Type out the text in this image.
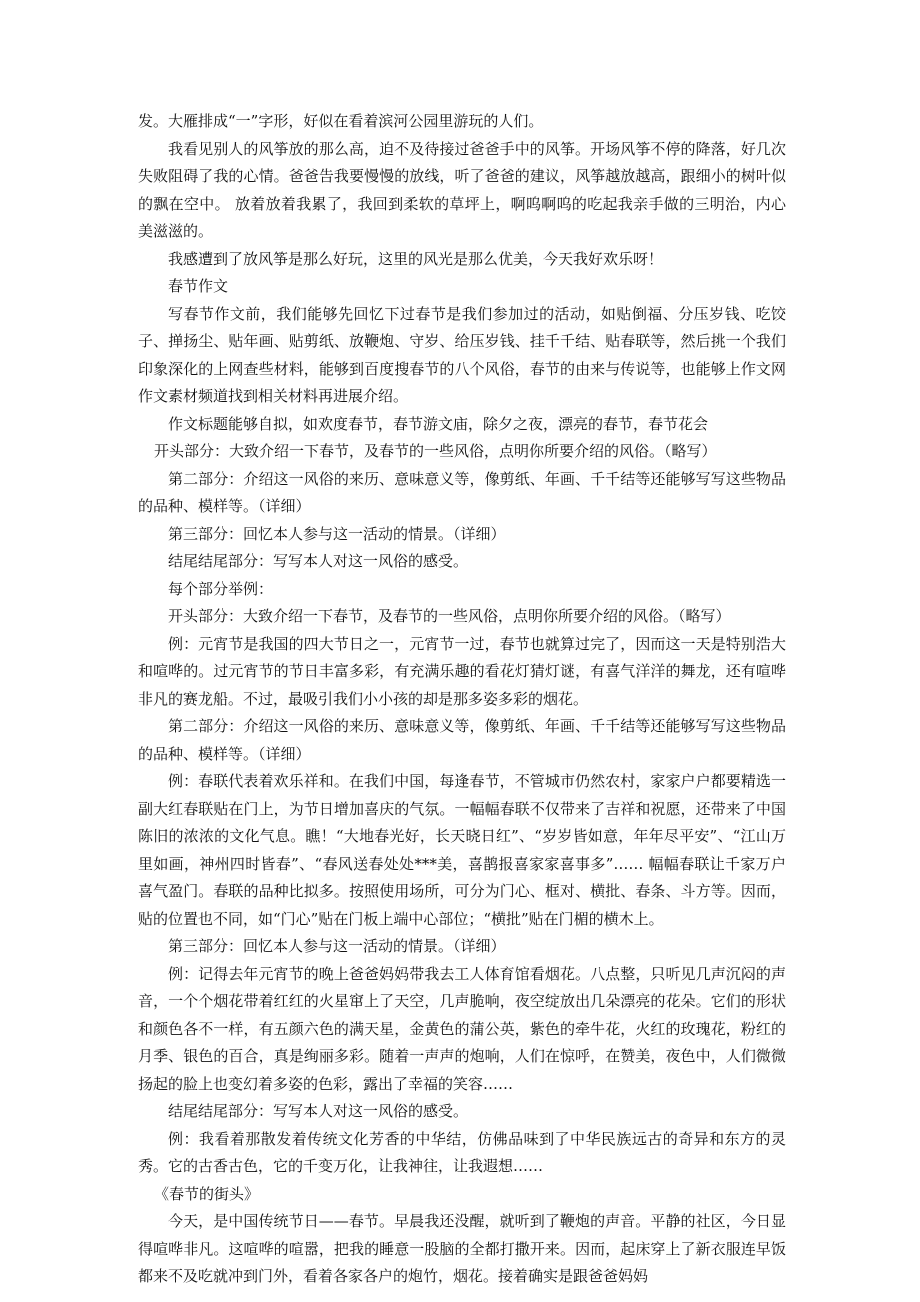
发。大雁排成“一”字形，好似在看着滨河公园里游玩的人们。

我看见别人的风筝放的那么高，迫不及待接过爸爸手中的风筝。开场风筝不停的降落，好几次失败阻碍了我的心情。爸爸告我要慢慢的放线，听了爸爸的建议，风筝越放越高，跟细小的树叶似的飘在空中。 放着放着我累了，我回到柔软的草坪上，啊呜啊呜的吃起我亲手做的三明治，内心美滋滋的。

我感遭到了放风筝是那么好玩，这里的风光是那么优美，今天我好欢乐呀！

春节作文

写春节作文前，我们能够先回忆下过春节是我们参加过的活动，如贴倒福、分压岁钱、吃饺子、掸扬尘、贴年画、贴剪纸、放鞭炮、守岁、给压岁钱、挂千千结、贴春联等，然后挑一个我们印象深化的上网查些材料，能够到百度搜春节的八个风俗，春节的由来与传说等，也能够上作文网作文素材频道找到相关材料再进展介绍。

作文标题能够自拟，如欢度春节，春节游文庙，除夕之夜，漂亮的春节，春节花会

开头部分：大致介绍一下春节，及春节的一些风俗，点明你所要介绍的风俗。（略写）

第二部分：介绍这一风俗的来历、意味意义等，像剪纸、年画、千千结等还能够写写这些物品的品种、模样等。（详细）

第三部分：回忆本人参与这一活动的情景。（详细）

结尾结尾部分：写写本人对这一风俗的感受。

每个部分举例：

开头部分：大致介绍一下春节，及春节的一些风俗，点明你所要介绍的风俗。（略写）

例：元宵节是我国的四大节日之一，元宵节一过，春节也就算过完了，因而这一天是特别浩大和喧哗的。过元宵节的节日丰富多彩，有充满乐趣的看花灯猜灯谜，有喜气洋洋的舞龙，还有喧哗非凡的赛龙船。不过，最吸引我们小小孩的却是那多姿多彩的烟花。

第二部分：介绍这一风俗的来历、意味意义等，像剪纸、年画、千千结等还能够写写这些物品的品种、模样等。（详细）

例：春联代表着欢乐祥和。在我们中国，每逢春节，不管城市仍然农村，家家户户都要精选一副大红春联贴在门上，为节日增加喜庆的气氛。一幅幅春联不仅带来了吉祥和祝愿，还带来了中国陈旧的浓浓的文化气息。瞧！“大地春光好，长天晓日红”、“岁岁皆如意，年年尽平安”、“江山万里如画，神州四时皆春”、“春风送春处处***美，喜鹊报喜家家喜事多”…… 幅幅春联让千家万户喜气盈门。春联的品种比拟多。按照使用场所，可分为门心、框对、横批、春条、斗方等。因而，贴的位置也不同，如“门心”贴在门板上端中心部位；“横批”贴在门楣的横木上。

第三部分：回忆本人参与这一活动的情景。（详细）

例：记得去年元宵节的晚上爸爸妈妈带我去工人体育馆看烟花。八点整，只听见几声沉闷的声音，一个个烟花带着红红的火星窜上了天空，几声脆响，夜空绽放出几朵漂亮的花朵。它们的形状和颜色各不一样，有五颜六色的满天星，金黄色的蒲公英，紫色的牵牛花，火红的玫瑰花，粉红的月季、银色的百合，真是绚丽多彩。随着一声声的炮响，人们在惊呼，在赞美，夜色中，人们微微扬起的脸上也变幻着多姿的色彩，露出了幸福的笑容……

结尾结尾部分：写写本人对这一风俗的感受。

例：我看着那散发着传统文化芳香的中华结，仿佛品味到了中华民族远古的奇异和东方的灵秀。它的古香古色，它的千变万化，让我神往，让我遐想……

《春节的街头》

今天，是中国传统节日——春节。早晨我还没醒，就听到了鞭炮的声音。平静的社区，今日显得喧哗非凡。这喧哗的喧嚣，把我的睡意一股脑的全都打撒开来。因而，起床穿上了新衣服连早饭都来不及吃就冲到门外，看着各家各户的炮竹，烟花。接着确实是跟爸爸妈妈
